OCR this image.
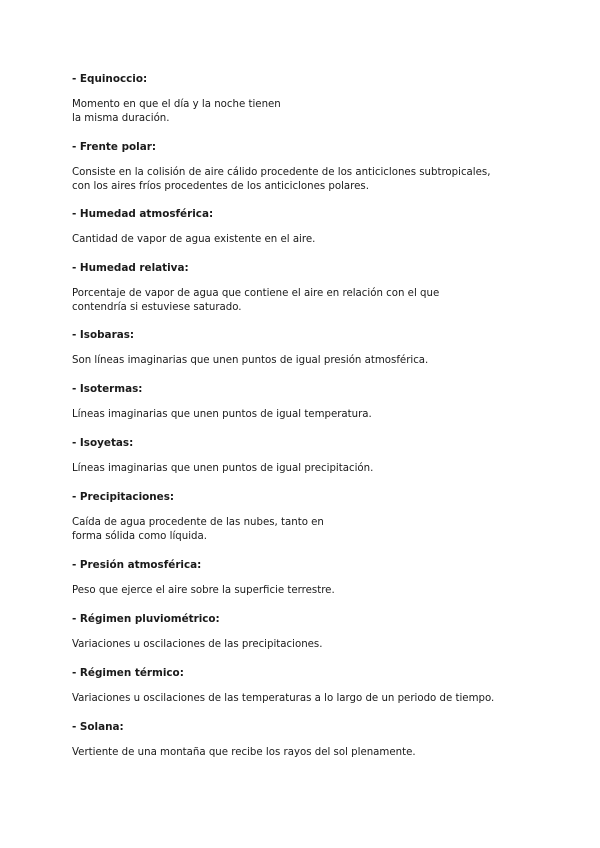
- Equinoccio:

Momento en que el día y la noche tienen
la misma duración.

- Frente polar:

Consiste en la colisión de aire cálido procedente de los anticiclones subtropicales,
con los aires fríos procedentes de los anticiclones polares.

- Humedad atmosférica:

Cantidad de vapor de agua existente en el aire.

- Humedad relativa:

Porcentaje de vapor de agua que contiene el aire en relación con el que
contendría si estuviese saturado.

- Isobaras:

Son líneas imaginarias que unen puntos de igual presión atmosférica.

- Isotermas:

Líneas imaginarias que unen puntos de igual temperatura.

- Isoyetas:

Líneas imaginarias que unen puntos de igual precipitación.

- Precipitaciones:

Caída de agua procedente de las nubes, tanto en
forma sólida como líquida.

- Presión atmosférica:

Peso que ejerce el aire sobre la superficie terrestre.

- Régimen pluviométrico:

Variaciones u oscilaciones de las precipitaciones.

- Régimen térmico:

Variaciones u oscilaciones de las temperaturas a lo largo de un periodo de tiempo.

- Solana:

Vertiente de una montaña que recibe los rayos del sol plenamente.
